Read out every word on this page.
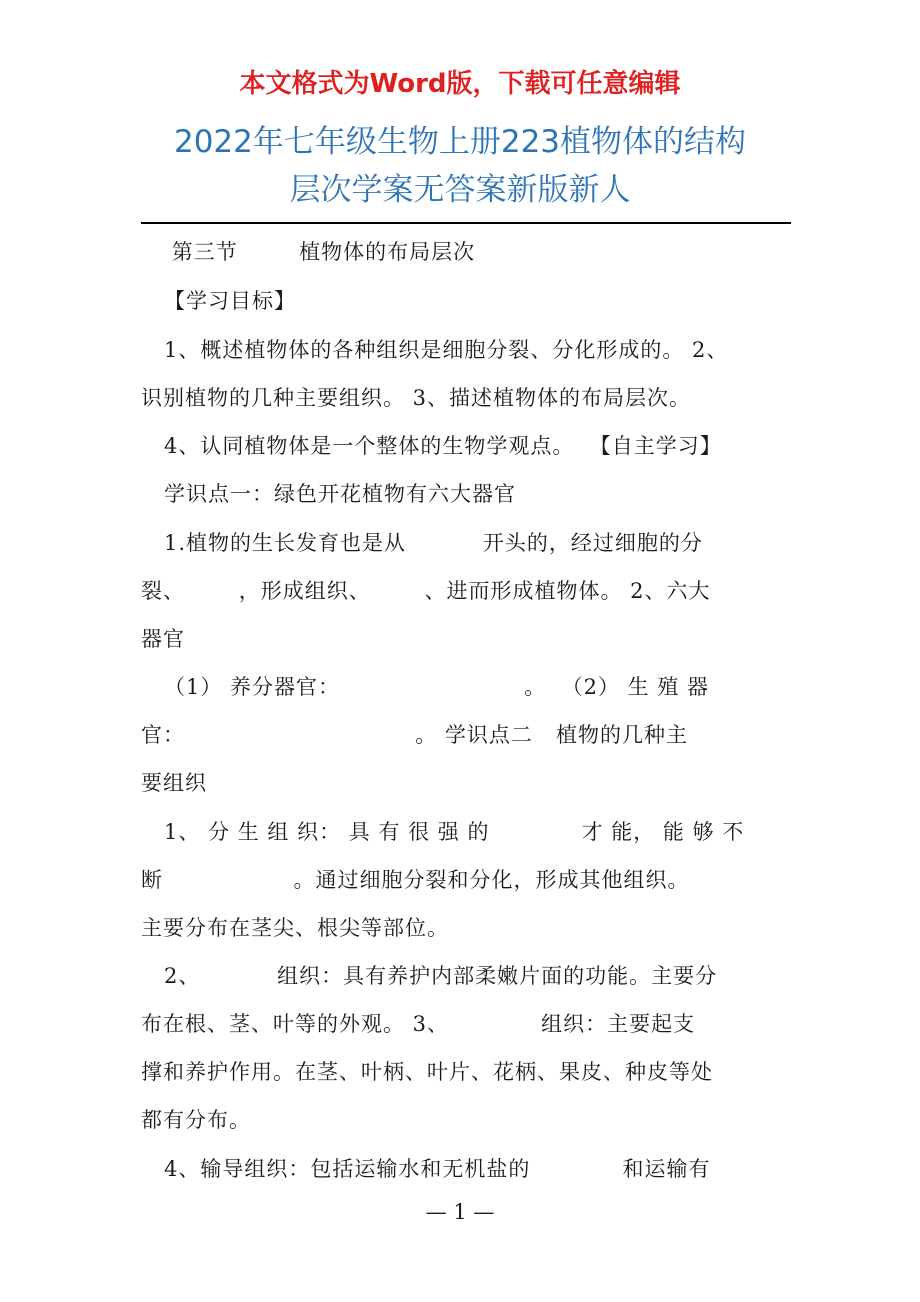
本文格式为Word版，下载可任意编辑
2022年七年级生物上册223植物体的结构
层次学案无答案新版新人
第三节        植物体的布局层次
【学习目标】
1、概述植物体的各种组织是细胞分裂、分化形成的。 2、
识别植物的几种主要组织。 3、描述植物体的布局层次。
4、认同植物体是一个整体的生物学观点。  【自主学习】
学识点一：绿色开花植物有六大器官
1.植物的生长发育也是从          开头的，经过细胞的分
裂、       ，形成组织、       、进而形成植物体。 2、六大
器官
（1） 养分器官：                        。  （2） 生 殖 器
官：                              。 学识点二   植物的几种主
要组织
1、 分 生 组 织： 具 有 很 强 的            才 能， 能 够 不
断                 。通过细胞分裂和分化，形成其他组织。
主要分布在茎尖、根尖等部位。
2、          组织：具有养护内部柔嫩片面的功能。主要分
布在根、茎、叶等的外观。 3、            组织：主要起支
撑和养护作用。在茎、叶柄、叶片、花柄、果皮、种皮等处
都有分布。
4、输导组织：包括运输水和无机盐的            和运输有
— 1 —
